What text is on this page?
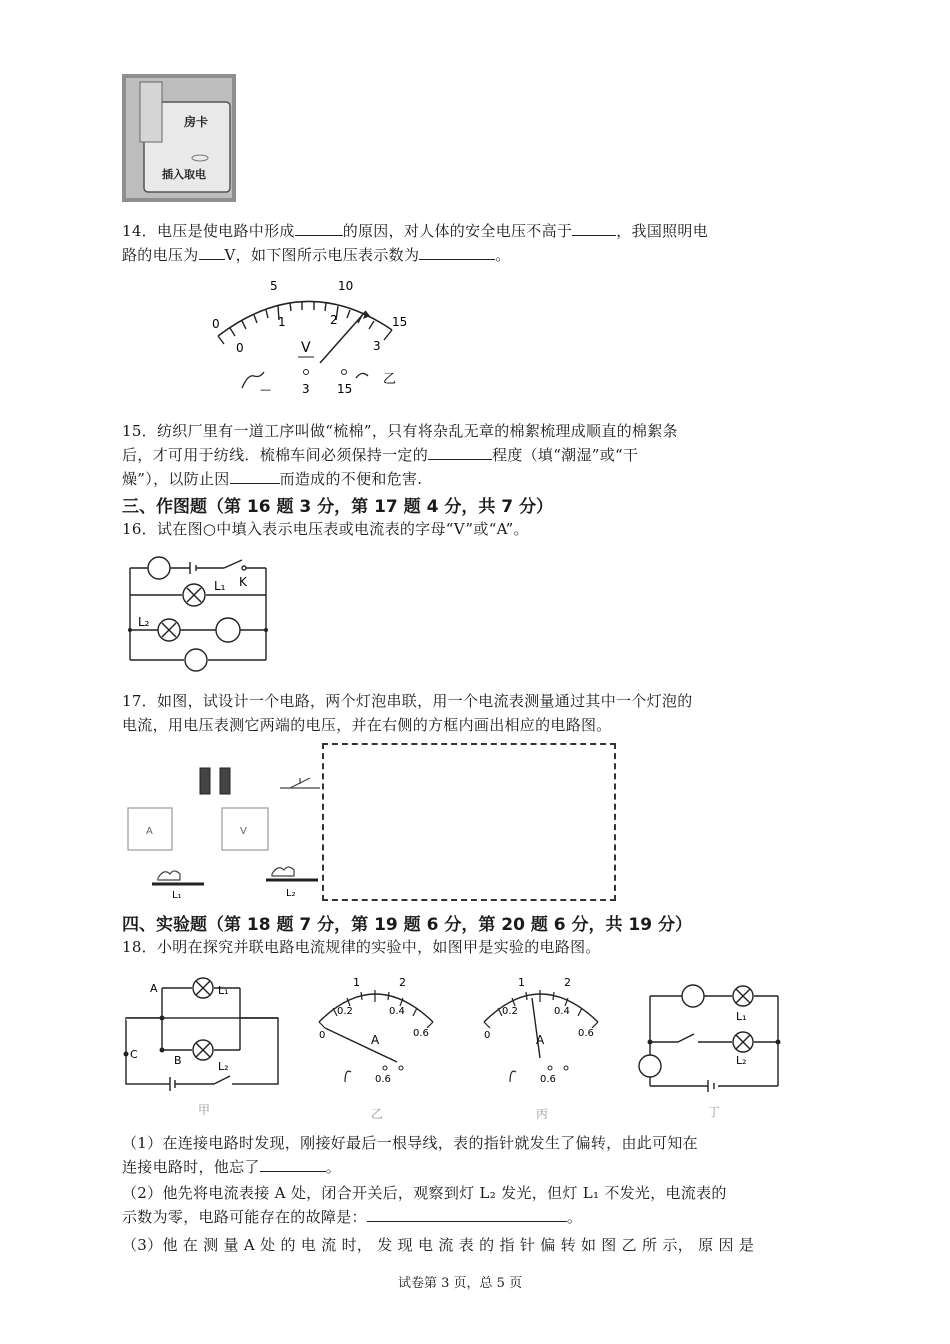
房卡
插入取电
14．电压是使电路中形成	的原因，对人体的安全电压不高于	，我国照明电
路的电压为 V，如下图所示电压表示数为	。
0
5	10
15
0
1	2
3
V
—	3 15
乙
15．纺织厂里有一道工序叫做“梳棉”，只有将杂乱无章的棉絮梳理成顺直的棉絮条
后，才可用于纺线．梳棉车间必须保持一定的	程度（填“潮湿”或“干
燥”），以防止因	而造成的不便和危害.
三、作图题（第 16 题 3 分，第 17 题 4 分，共 7 分）
16．试在图○中填入表示电压表或电流表的字母“V”或“A”。
K
L₁
L₂
17．如图，试设计一个电路，两个灯泡串联，用一个电流表测量通过其中一个灯泡的
电流，用电压表测它两端的电压，并在右侧的方框内画出相应的电路图。
A	V
L₁	L₂
四、实验题（第 18 题 7 分，第 19 题 6 分，第 20 题 6 分，共 19 分）
18．小明在探究并联电路电流规律的实验中，如图甲是实验的电路图。
A
B
C
L₁
L₂
甲
1	2
0
0.2	0.4
0.6
A
0.6
乙
1	2
0
0.2	0.4
0.6
A
0.6
丙
L₁
L₂
丁
（1）在连接电路时发现，刚接好最后一根导线，表的指针就发生了偏转，由此可知在
连接电路时，他忘了	。
（2）他先将电流表接 A 处，闭合开关后，观察到灯 L₂ 发光，但灯 L₁ 不发光，电流表的
示数为零，电路可能存在的故障是：	。
（3）他 在 测 量 A 处 的 电 流 时， 发 现 电 流 表 的 指 针 偏 转 如 图 乙 所 示， 原 因 是
试卷第 3 页，总 5 页
